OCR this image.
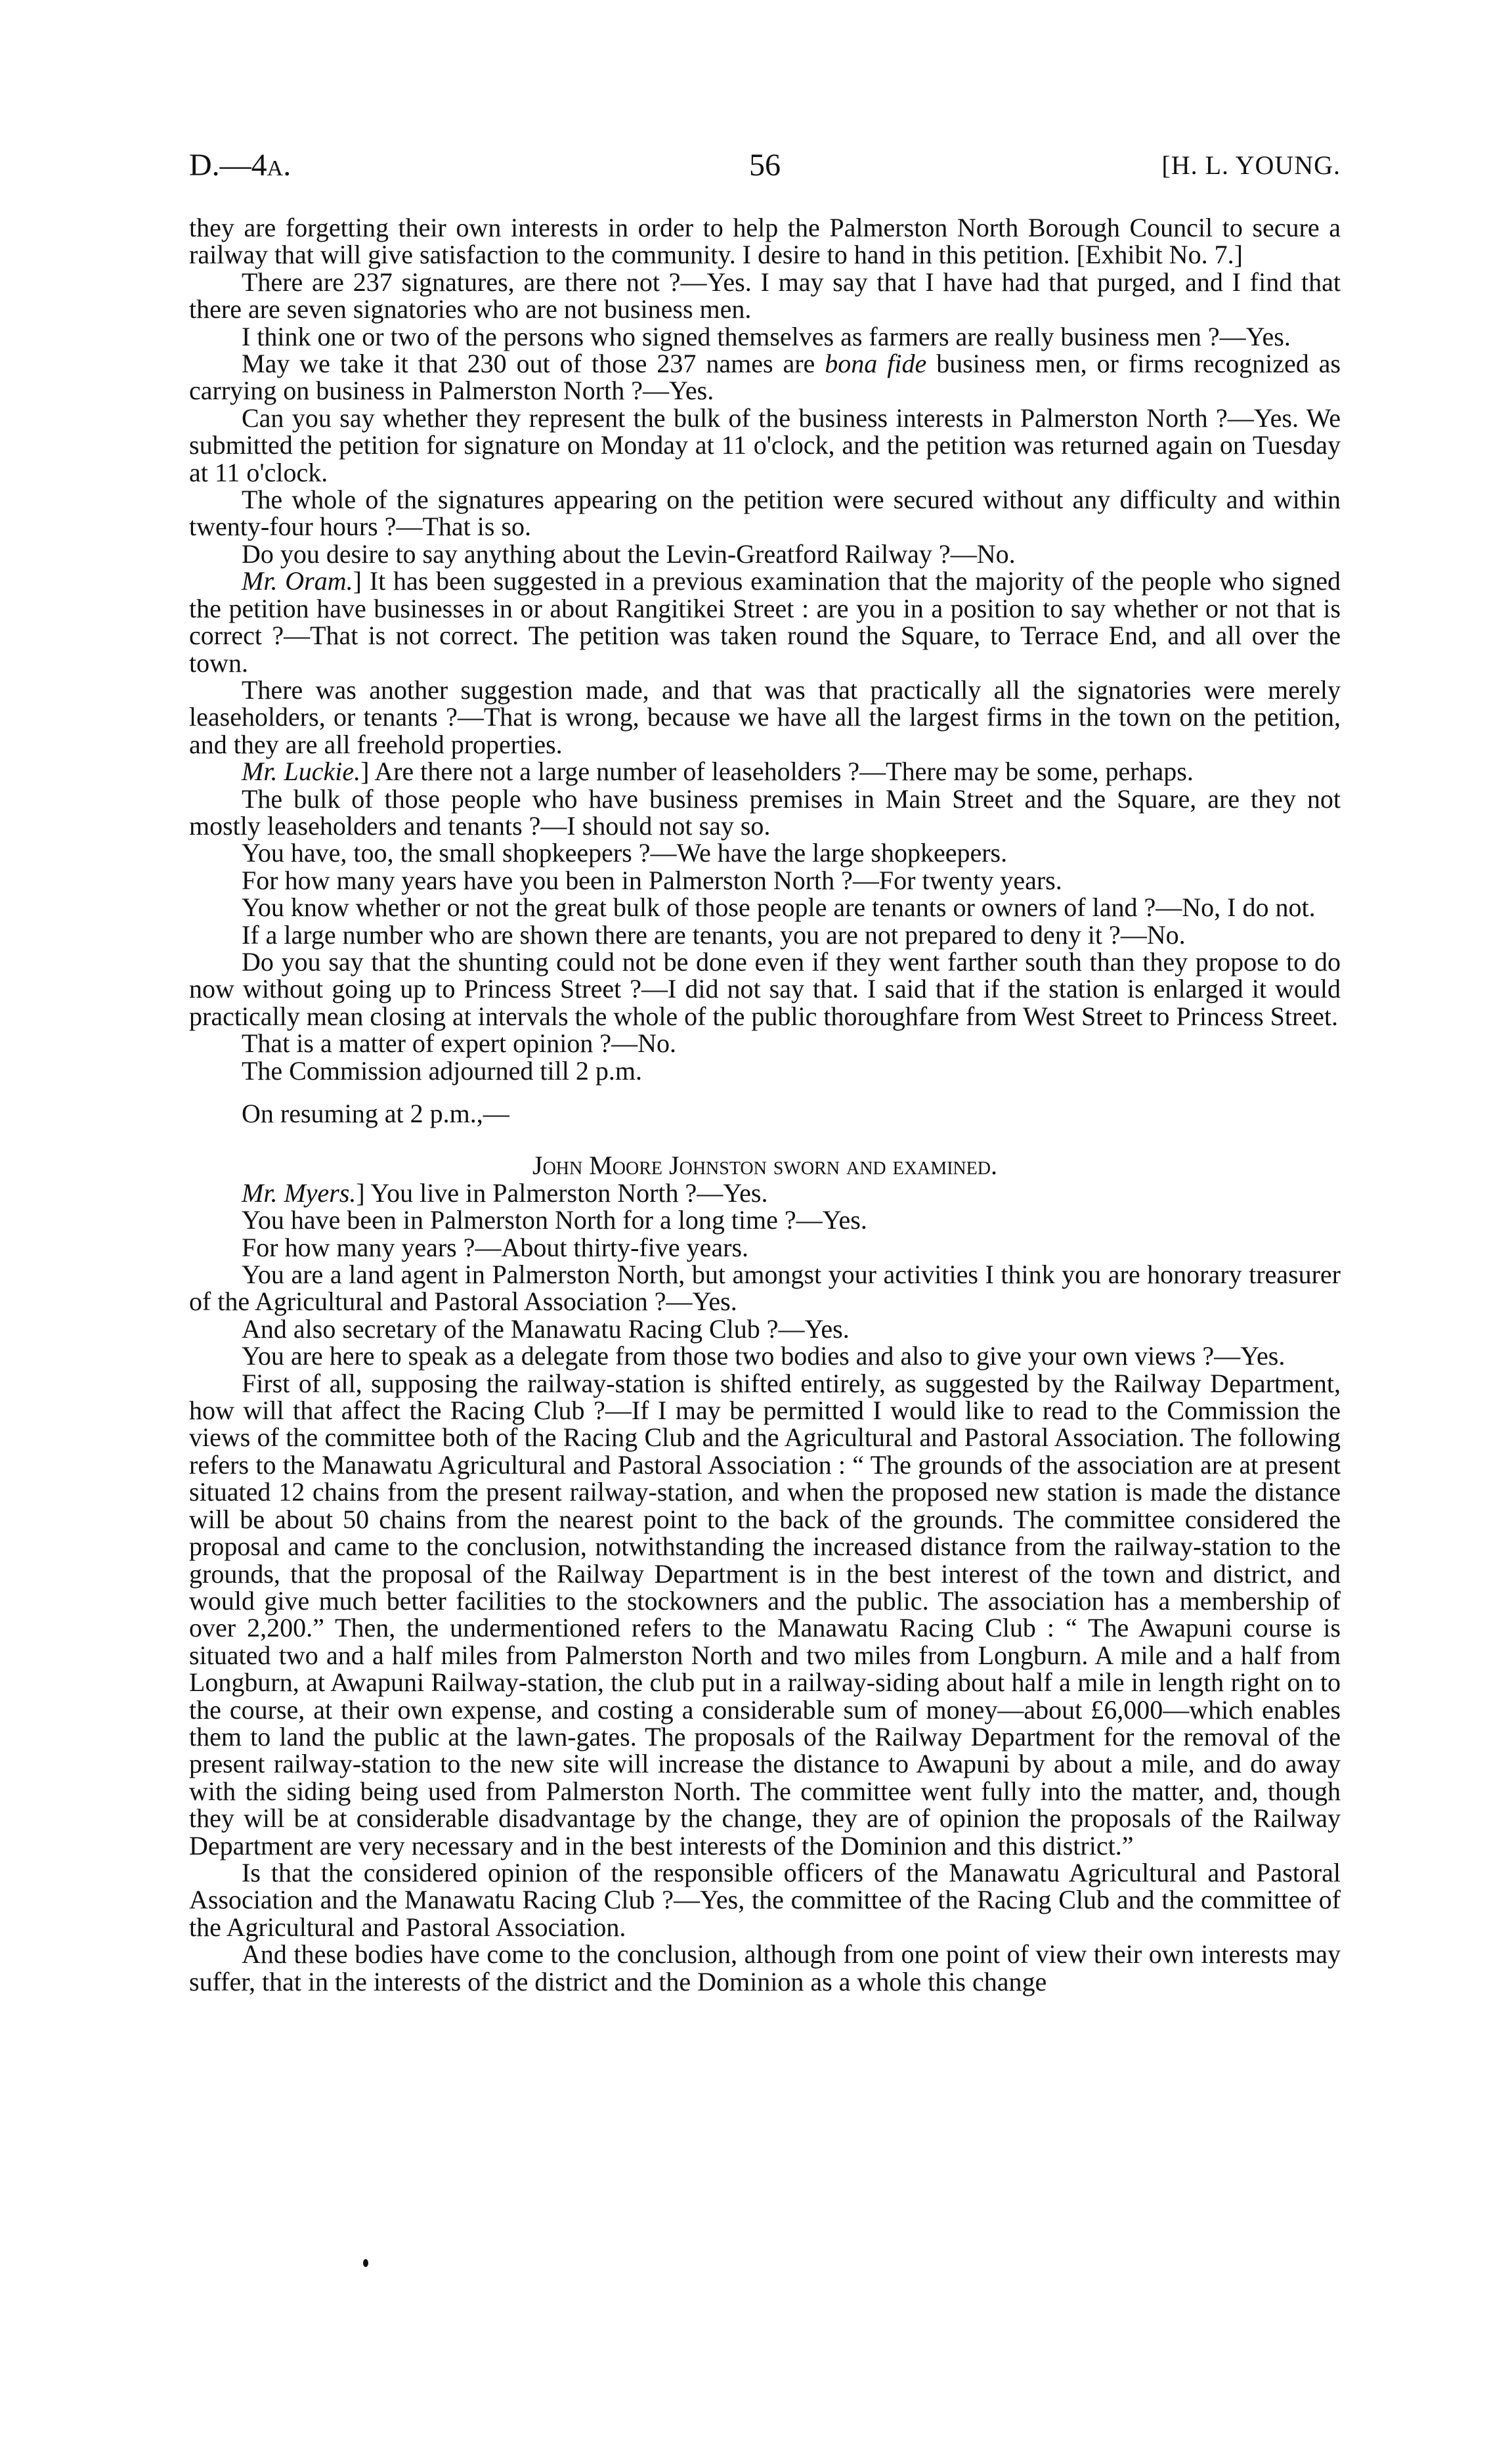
D.—4a.	56	[H. L. YOUNG.

they are forgetting their own interests in order to help the Palmerston North Borough Council to secure a railway that will give satisfaction to the community. I desire to hand in this petition. [Exhibit No. 7.]

There are 237 signatures, are there not ?—Yes. I may say that I have had that purged, and I find that there are seven signatories who are not business men.

I think one or two of the persons who signed themselves as farmers are really business men ?—Yes.

May we take it that 230 out of those 237 names are bona fide business men, or firms recognized as carrying on business in Palmerston North ?—Yes.

Can you say whether they represent the bulk of the business interests in Palmerston North ?—Yes. We submitted the petition for signature on Monday at 11 o'clock, and the petition was returned again on Tuesday at 11 o'clock.

The whole of the signatures appearing on the petition were secured without any difficulty and within twenty-four hours ?—That is so.

Do you desire to say anything about the Levin-Greatford Railway ?—No.

Mr. Oram.] It has been suggested in a previous examination that the majority of the people who signed the petition have businesses in or about Rangitikei Street : are you in a position to say whether or not that is correct ?—That is not correct. The petition was taken round the Square, to Terrace End, and all over the town.

There was another suggestion made, and that was that practically all the signatories were merely leaseholders, or tenants ?—That is wrong, because we have all the largest firms in the town on the petition, and they are all freehold properties.

Mr. Luckie.] Are there not a large number of leaseholders ?—There may be some, perhaps.

The bulk of those people who have business premises in Main Street and the Square, are they not mostly leaseholders and tenants ?—I should not say so.

You have, too, the small shopkeepers ?—We have the large shopkeepers.

For how many years have you been in Palmerston North ?—For twenty years.

You know whether or not the great bulk of those people are tenants or owners of land ?—No, I do not.

If a large number who are shown there are tenants, you are not prepared to deny it ?—No.

Do you say that the shunting could not be done even if they went farther south than they propose to do now without going up to Princess Street ?—I did not say that. I said that if the station is enlarged it would practically mean closing at intervals the whole of the public thoroughfare from West Street to Princess Street.

That is a matter of expert opinion ?—No.

The Commission adjourned till 2 p.m.

On resuming at 2 p.m.,—

John Moore Johnston sworn and examined.

Mr. Myers.] You live in Palmerston North ?—Yes.

You have been in Palmerston North for a long time ?—Yes.

For how many years ?—About thirty-five years.

You are a land agent in Palmerston North, but amongst your activities I think you are honorary treasurer of the Agricultural and Pastoral Association ?—Yes.

And also secretary of the Manawatu Racing Club ?—Yes.

You are here to speak as a delegate from those two bodies and also to give your own views ?—Yes.

First of all, supposing the railway-station is shifted entirely, as suggested by the Railway Department, how will that affect the Racing Club ?—If I may be permitted I would like to read to the Commission the views of the committee both of the Racing Club and the Agricultural and Pastoral Association. The following refers to the Manawatu Agricultural and Pastoral Association : “ The grounds of the association are at present situated 12 chains from the present railway-station, and when the proposed new station is made the distance will be about 50 chains from the nearest point to the back of the grounds. The committee considered the proposal and came to the conclusion, notwithstanding the increased distance from the railway-station to the grounds, that the proposal of the Railway Department is in the best interest of the town and district, and would give much better facilities to the stockowners and the public. The association has a membership of over 2,200.” Then, the undermentioned refers to the Manawatu Racing Club : “ The Awapuni course is situated two and a half miles from Palmerston North and two miles from Longburn. A mile and a half from Longburn, at Awapuni Railway-station, the club put in a railway-siding about half a mile in length right on to the course, at their own expense, and costing a considerable sum of money—about £6,000—which enables them to land the public at the lawn-gates. The proposals of the Railway Department for the removal of the present railway-station to the new site will increase the distance to Awapuni by about a mile, and do away with the siding being used from Palmerston North. The committee went fully into the matter, and, though they will be at considerable disadvantage by the change, they are of opinion the proposals of the Railway Department are very necessary and in the best interests of the Dominion and this district.”

Is that the considered opinion of the responsible officers of the Manawatu Agricultural and Pastoral Association and the Manawatu Racing Club ?—Yes, the committee of the Racing Club and the committee of the Agricultural and Pastoral Association.

And these bodies have come to the conclusion, although from one point of view their own interests may suffer, that in the interests of the district and the Dominion as a whole this change
